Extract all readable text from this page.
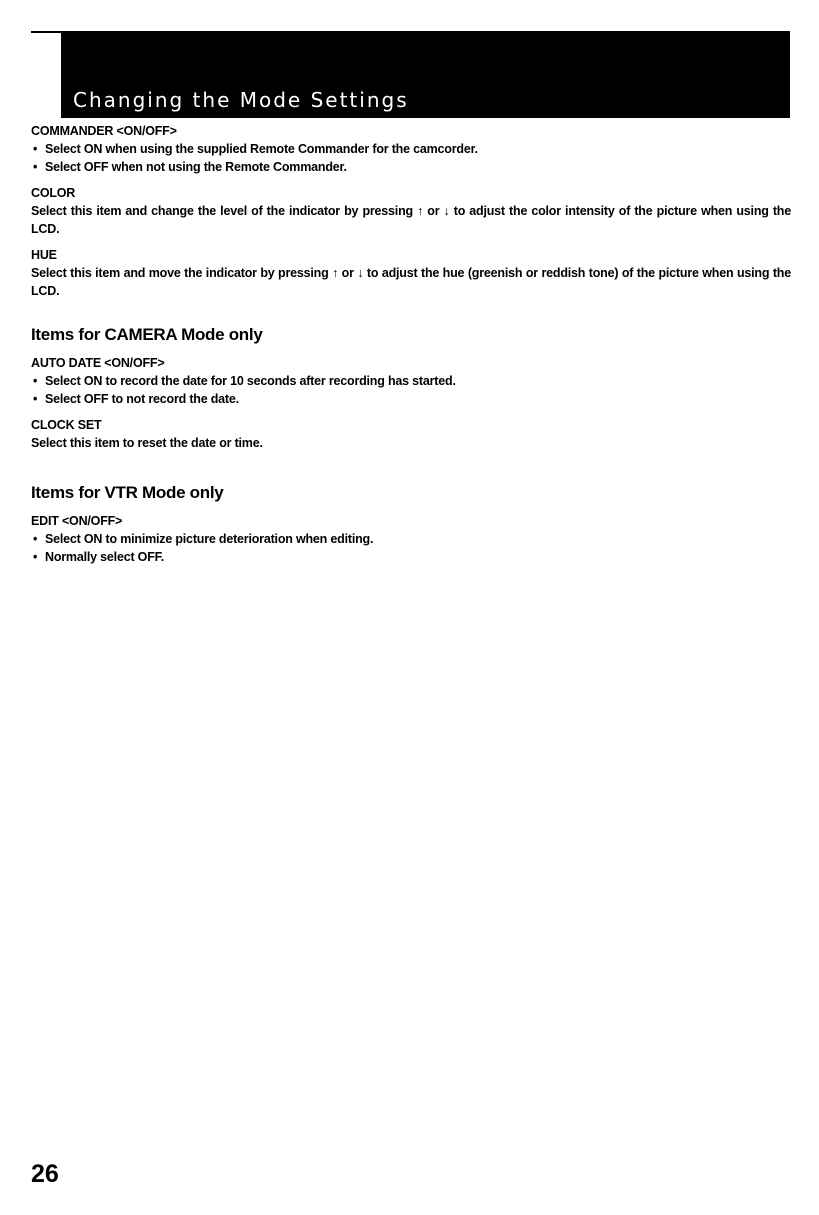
Changing the Mode Settings
COMMANDER <ON/OFF>
• Select ON when using the supplied Remote Commander for the camcorder.
• Select OFF when not using the Remote Commander.
COLOR
Select this item and change the level of the indicator by pressing ↑ or ↓ to adjust the color intensity of the picture when using the LCD.
HUE
Select this item and move the indicator by pressing ↑ or ↓ to adjust the hue (greenish or reddish tone) of the picture when using the LCD.
Items for CAMERA Mode only
AUTO DATE <ON/OFF>
• Select ON to record the date for 10 seconds after recording has started.
• Select OFF to not record the date.
CLOCK SET
Select this item to reset the date or time.
Items for VTR Mode only
EDIT <ON/OFF>
• Select ON to minimize picture deterioration when editing.
• Normally select OFF.
26
